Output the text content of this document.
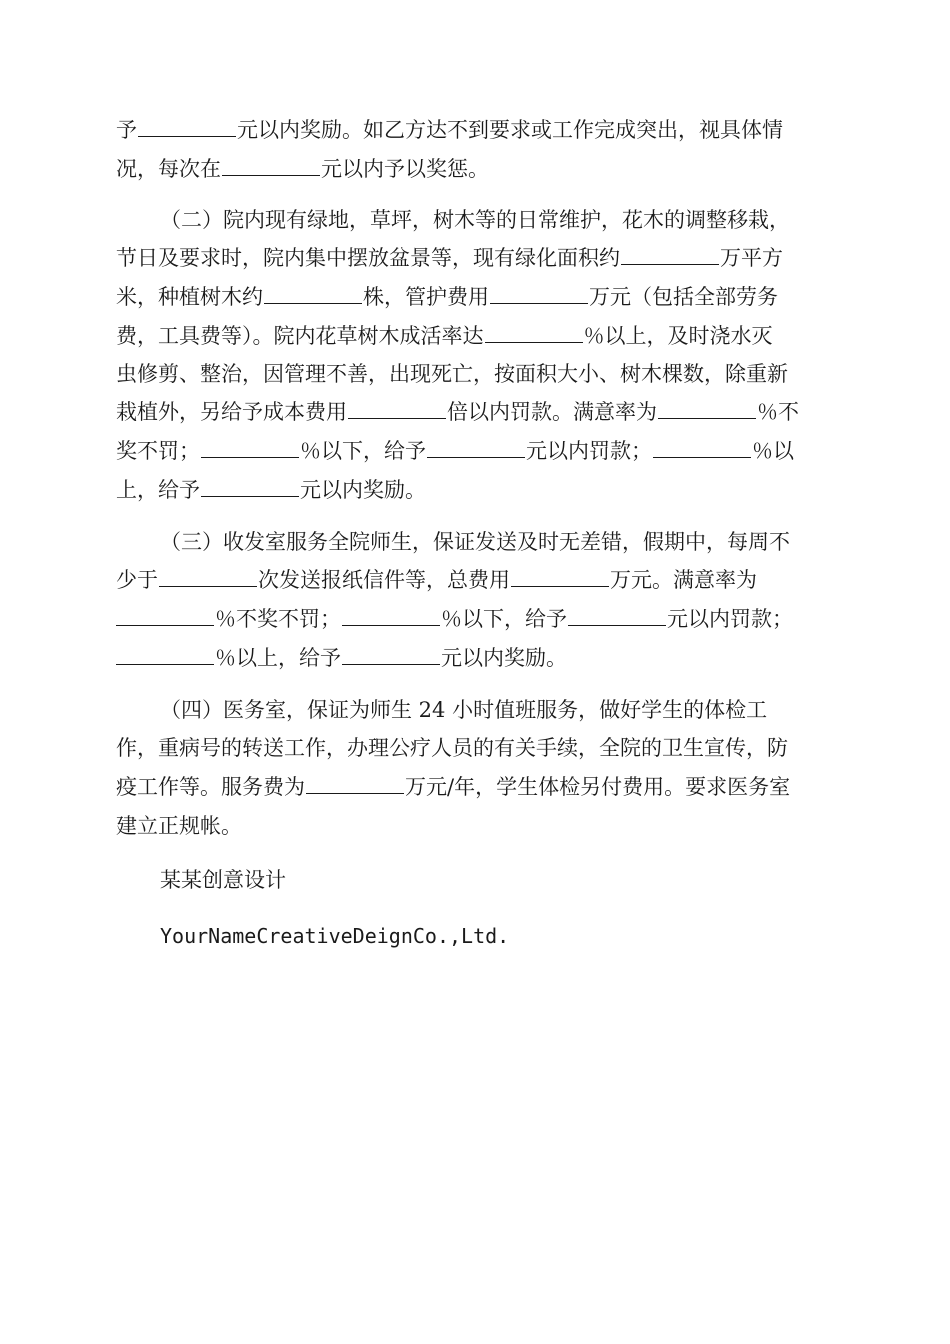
予	元以内奖励。如乙方达不到要求或工作完成突出，视具体情
况，每次在	元以内予以奖惩。
（二）院内现有绿地，草坪，树木等的日常维护，花木的调整移栽，
节日及要求时，院内集中摆放盆景等，现有绿化面积约	万平方
米，种植树木约	株，管护费用	万元（包括全部劳务
费，工具费等）。院内花草树木成活率达	％以上，及时浇水灭
虫修剪、整治，因管理不善，出现死亡，按面积大小、树木棵数，除重新
栽植外，另给予成本费用	倍以内罚款。满意率为	％不
奖不罚；	％以下，给予	元以内罚款；	％以
上，给予	元以内奖励。
（三）收发室服务全院师生，保证发送及时无差错，假期中，每周不
少于	次发送报纸信件等，总费用	万元。满意率为
％不奖不罚；	％以下，给予	元以内罚款；
％以上，给予	元以内奖励。
（四）医务室，保证为师生 24 小时值班服务，做好学生的体检工
作，重病号的转送工作，办理公疗人员的有关手续，全院的卫生宣传，防
疫工作等。服务费为	万元/年，学生体检另付费用。要求医务室
建立正规帐。
某某创意设计
YourNameCreativeDeignCo.,Ltd.
